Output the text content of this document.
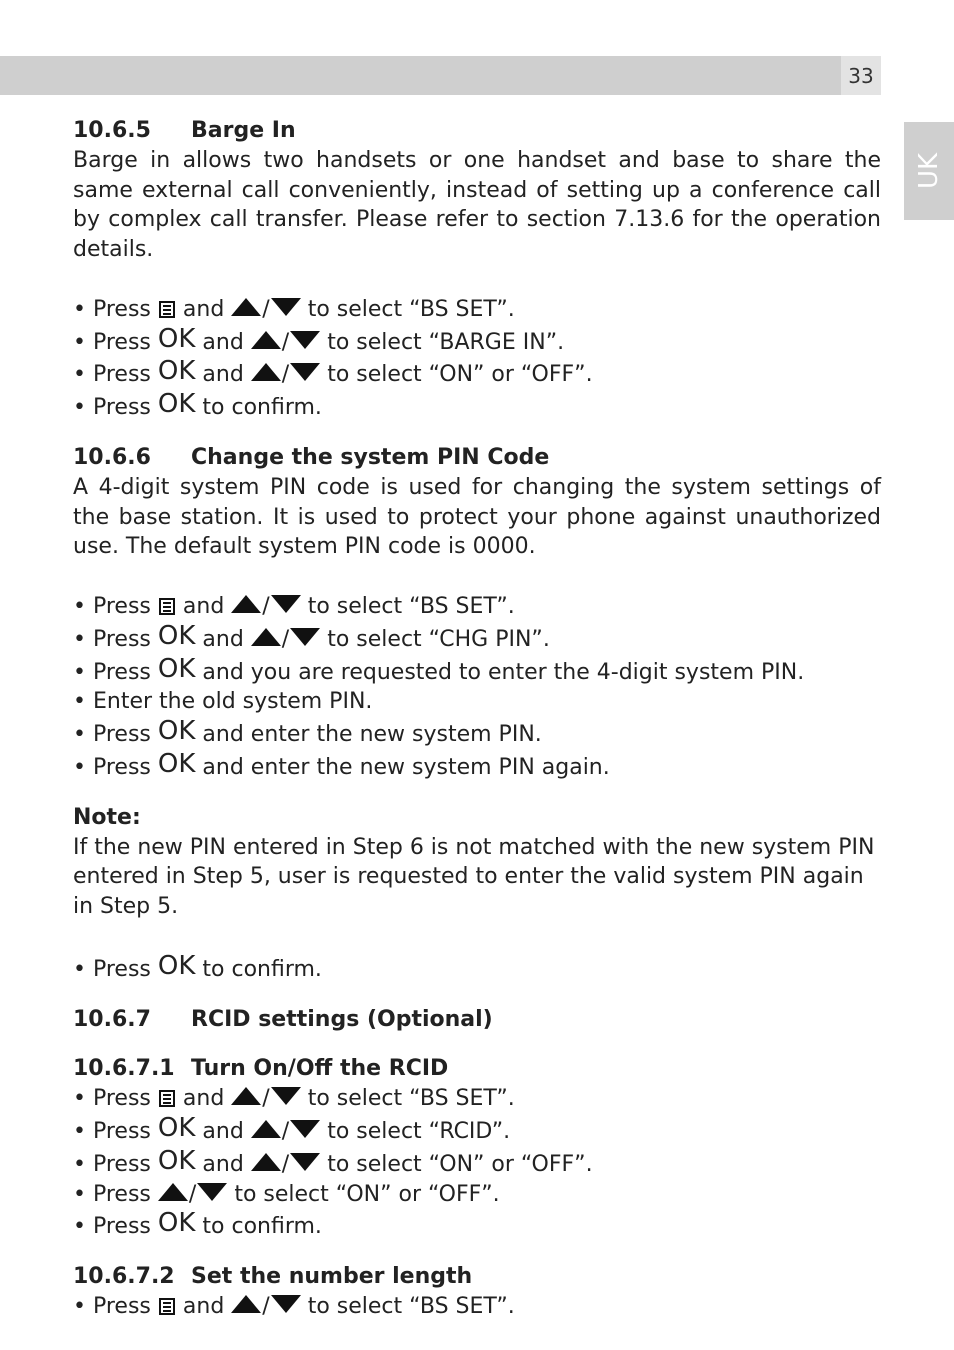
33
UK

10.6.5 Barge In

Barge in allows two handsets or one handset and base to share the same external call conveniently, instead of setting up a conference call by complex call transfer. Please refer to section 7.13.6 for the operation details.

• Press and / to select “BS SET”.

• Press OK and / to select “BARGE IN”.

• Press OK and / to select “ON” or “OFF”.

• Press OK to confirm.

10.6.6 Change the system PIN Code

A 4-digit system PIN code is used for changing the system settings of the base station. It is used to protect your phone against unauthorized use. The default system PIN code is 0000.

• Press and / to select “BS SET”.

• Press OK and / to select “CHG PIN”.

• Press OK and you are requested to enter the 4-digit system PIN.

• Enter the old system PIN.

• Press OK and enter the new system PIN.

• Press OK and enter the new system PIN again.

Note:

If the new PIN entered in Step 6 is not matched with the new system PIN entered in Step 5, user is requested to enter the valid system PIN again in Step 5.

• Press OK to confirm.

10.6.7 RCID settings (Optional)

10.6.7.1 Turn On/Off the RCID

• Press and / to select “BS SET”.

• Press OK and / to select “RCID”.

• Press OK and / to select “ON” or “OFF”.

• Press / to select “ON” or “OFF”.

• Press OK to confirm.

10.6.7.2 Set the number length

• Press and / to select “BS SET”.
